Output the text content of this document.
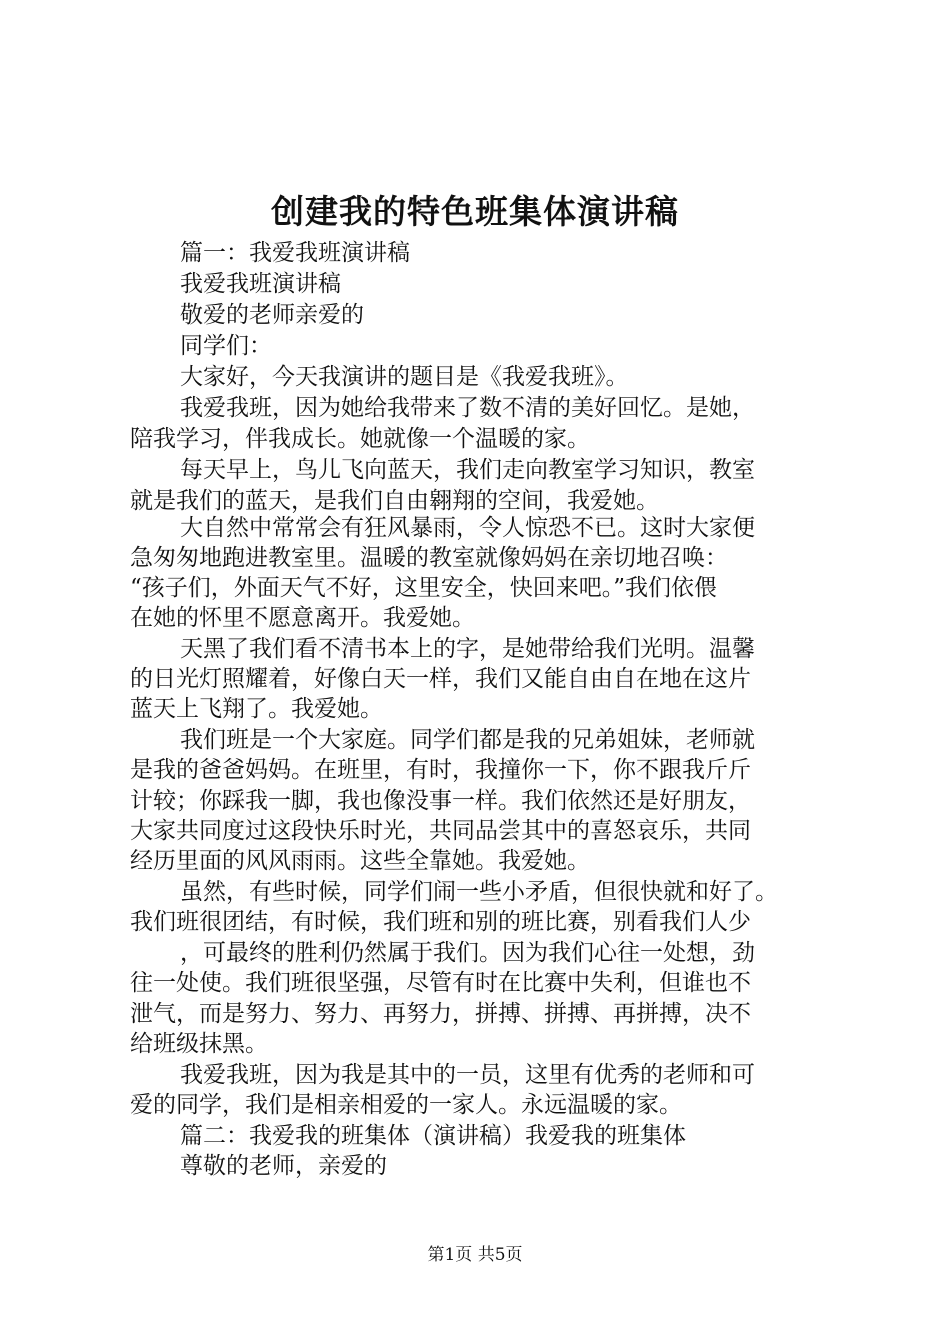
创建我的特色班集体演讲稿
篇一：我爱我班演讲稿
我爱我班演讲稿
敬爱的老师亲爱的
同学们：
大家好，今天我演讲的题目是《我爱我班》。
我爱我班，因为她给我带来了数不清的美好回忆。是她，
陪我学习，伴我成长。她就像一个温暖的家。
每天早上，鸟儿飞向蓝天，我们走向教室学习知识，教室
就是我们的蓝天，是我们自由翱翔的空间，我爱她。
大自然中常常会有狂风暴雨，令人惊恐不已。这时大家便
急匆匆地跑进教室里。温暖的教室就像妈妈在亲切地召唤：
“孩子们，外面天气不好，这里安全，快回来吧。”我们依偎
在她的怀里不愿意离开。我爱她。
天黑了我们看不清书本上的字，是她带给我们光明。温馨
的日光灯照耀着，好像白天一样，我们又能自由自在地在这片
蓝天上飞翔了。我爱她。
我们班是一个大家庭。同学们都是我的兄弟姐妹，老师就
是我的爸爸妈妈。在班里，有时，我撞你一下，你不跟我斤斤
计较；你踩我一脚，我也像没事一样。我们依然还是好朋友，
大家共同度过这段快乐时光，共同品尝其中的喜怒哀乐，共同
经历里面的风风雨雨。这些全靠她。我爱她。
虽然，有些时候，同学们闹一些小矛盾，但很快就和好了。
我们班很团结，有时候，我们班和别的班比赛，别看我们人少
，可最终的胜利仍然属于我们。因为我们心往一处想，劲
往一处使。我们班很坚强，尽管有时在比赛中失利，但谁也不
泄气，而是努力、努力、再努力，拼搏、拼搏、再拼搏，决不
给班级抹黑。
我爱我班，因为我是其中的一员，这里有优秀的老师和可
爱的同学，我们是相亲相爱的一家人。永远温暖的家。
篇二：我爱我的班集体（演讲稿）我爱我的班集体
尊敬的老师，亲爱的
第1页 共5页
